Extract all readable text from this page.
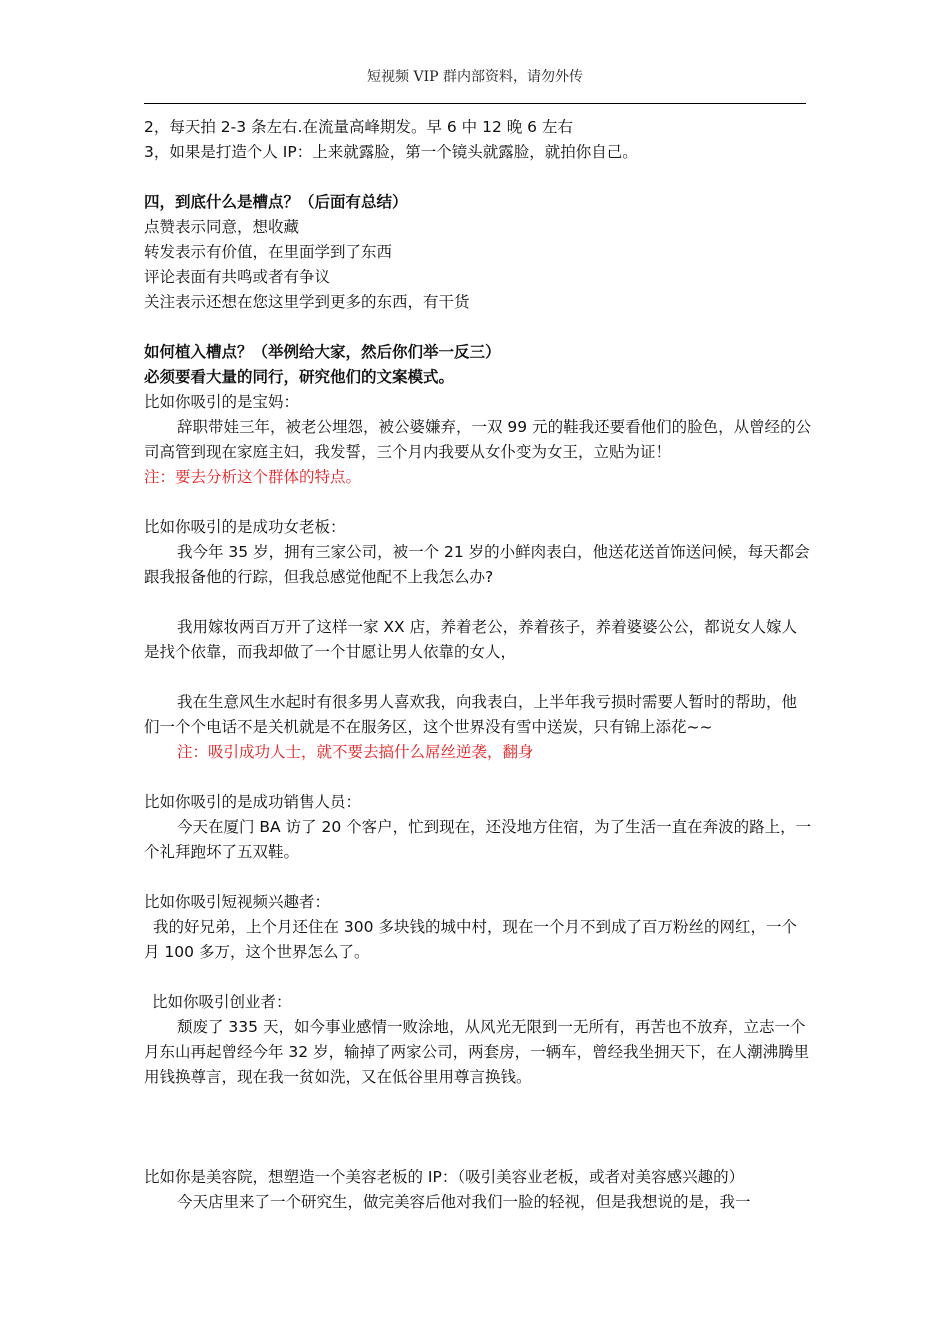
短视频 VIP 群内部资料，请勿外传

2，每天拍 2-3 条左右.在流量高峰期发。早 6 中 12 晚 6 左右

3，如果是打造个人 IP：上来就露脸，第一个镜头就露脸，就拍你自己。

四，到底什么是槽点？（后面有总结）

点赞表示同意，想收藏

转发表示有价值，在里面学到了东西

评论表面有共鸣或者有争议

关注表示还想在您这里学到更多的东西，有干货

如何植入槽点？（举例给大家，然后你们举一反三）

必须要看大量的同行，研究他们的文案模式。

比如你吸引的是宝妈：

辞职带娃三年，被老公埋怨，被公婆嫌弃，一双 99 元的鞋我还要看他们的脸色，从曾经的公司高管到现在家庭主妇，我发誓，三个月内我要从女仆变为女王，立贴为证！

注：要去分析这个群体的特点。

比如你吸引的是成功女老板：

我今年 35 岁，拥有三家公司，被一个 21 岁的小鲜肉表白，他送花送首饰送问候，每天都会跟我报备他的行踪，但我总感觉他配不上我怎么办?

我用嫁妆两百万开了这样一家 XX 店，养着老公，养着孩子，养着婆婆公公，都说女人嫁人是找个依靠，而我却做了一个甘愿让男人依靠的女人，

我在生意风生水起时有很多男人喜欢我，向我表白，上半年我亏损时需要人暂时的帮助，他们一个个电话不是关机就是不在服务区，这个世界没有雪中送炭，只有锦上添花~~

注：吸引成功人士，就不要去搞什么屌丝逆袭，翻身

比如你吸引的是成功销售人员：

今天在厦门 BA 访了 20 个客户，忙到现在，还没地方住宿，为了生活一直在奔波的路上，一个礼拜跑坏了五双鞋。

比如你吸引短视频兴趣者：

我的好兄弟，上个月还住在 300 多块钱的城中村，现在一个月不到成了百万粉丝的网红，一个月 100 多万，这个世界怎么了。

比如你吸引创业者：

颓废了 335 天，如今事业感情一败涂地，从风光无限到一无所有，再苦也不放弃，立志一个月东山再起曾经今年 32 岁，输掉了两家公司，两套房，一辆车，曾经我坐拥天下，在人潮沸腾里用钱换尊言，现在我一贫如洗，又在低谷里用尊言换钱。

比如你是美容院，想塑造一个美容老板的 IP：（吸引美容业老板，或者对美容感兴趣的）

今天店里来了一个研究生，做完美容后他对我们一脸的轻视，但是我想说的是，我一
